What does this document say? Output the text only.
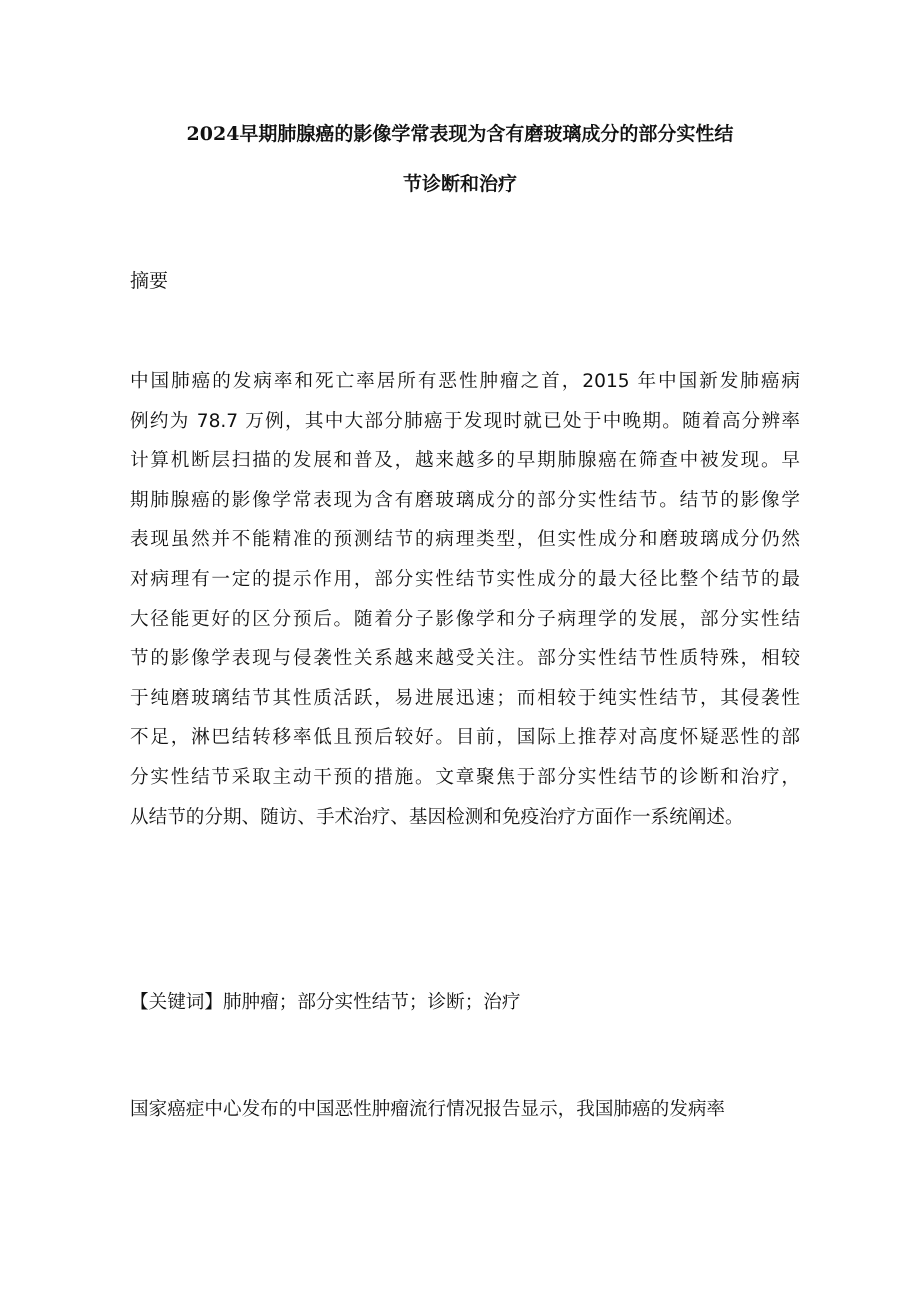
2024早期肺腺癌的影像学常表现为含有磨玻璃成分的部分实性结
节诊断和治疗
摘要
中国肺癌的发病率和死亡率居所有恶性肿瘤之首，2015 年中国新发肺癌病
例约为 78.7 万例，其中大部分肺癌于发现时就已处于中晚期。随着高分辨率
计算机断层扫描的发展和普及，越来越多的早期肺腺癌在筛查中被发现。早
期肺腺癌的影像学常表现为含有磨玻璃成分的部分实性结节。结节的影像学
表现虽然并不能精准的预测结节的病理类型，但实性成分和磨玻璃成分仍然
对病理有一定的提示作用，部分实性结节实性成分的最大径比整个结节的最
大径能更好的区分预后。随着分子影像学和分子病理学的发展，部分实性结
节的影像学表现与侵袭性关系越来越受关注。部分实性结节性质特殊，相较
于纯磨玻璃结节其性质活跃，易进展迅速；而相较于纯实性结节，其侵袭性
不足，淋巴结转移率低且预后较好。目前，国际上推荐对高度怀疑恶性的部
分实性结节采取主动干预的措施。文章聚焦于部分实性结节的诊断和治疗，
从结节的分期、随访、手术治疗、基因检测和免疫治疗方面作一系统阐述。
【关键词】肺肿瘤；部分实性结节；诊断；治疗
国家癌症中心发布的中国恶性肿瘤流行情况报告显示，我国肺癌的发病率
